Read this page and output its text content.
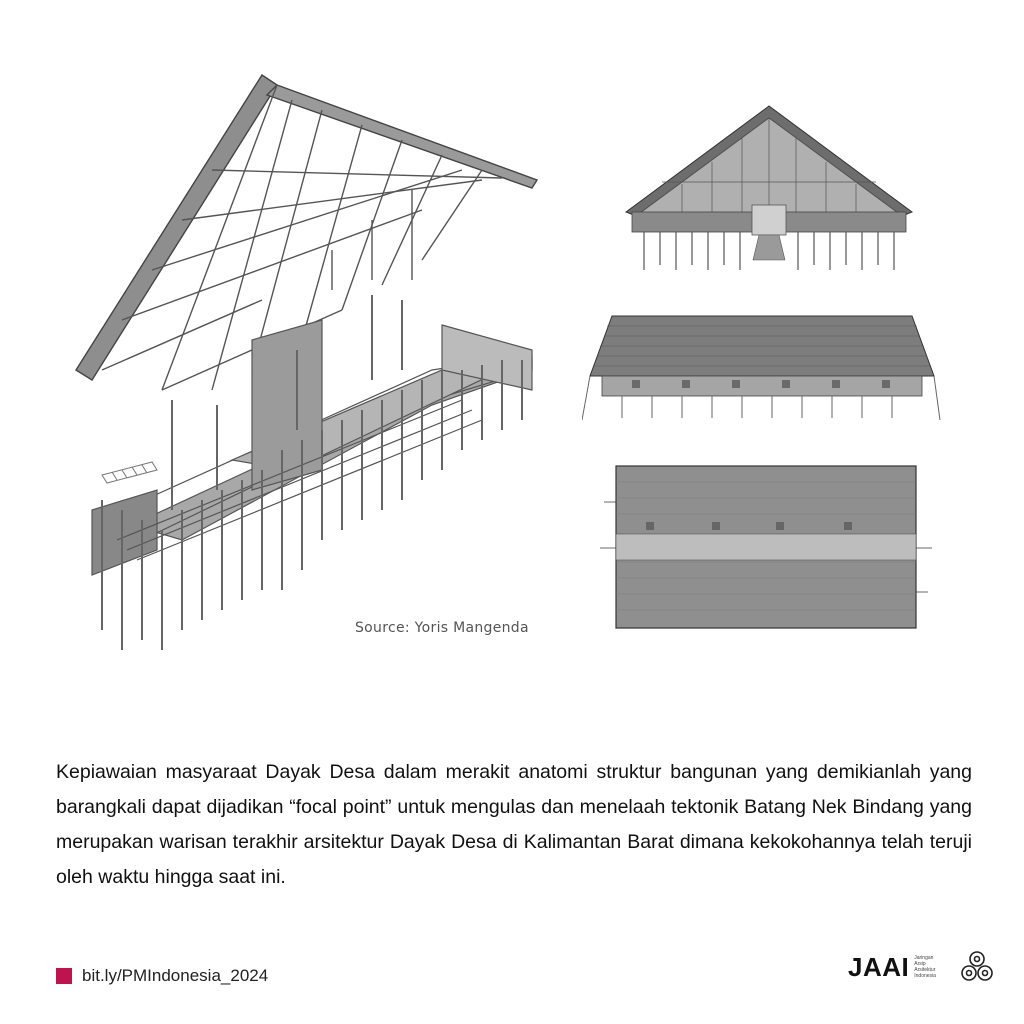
Source: Yoris Mangenda

Kepiawaian masyaraat Dayak Desa dalam merakit anatomi struktur bangunan yang demikianlah yang barangkali dapat dijadikan “focal point” untuk mengulas dan menelaah tektonik Batang Nek Bindang yang merupakan warisan terakhir arsitektur Dayak Desa di Kalimantan Barat dimana kekokohannya telah teruji oleh waktu hingga saat ini.

bit.ly/PMIndonesia_2024	JAAI Jaringan
Arsip
Arsitektur
Indonesia
